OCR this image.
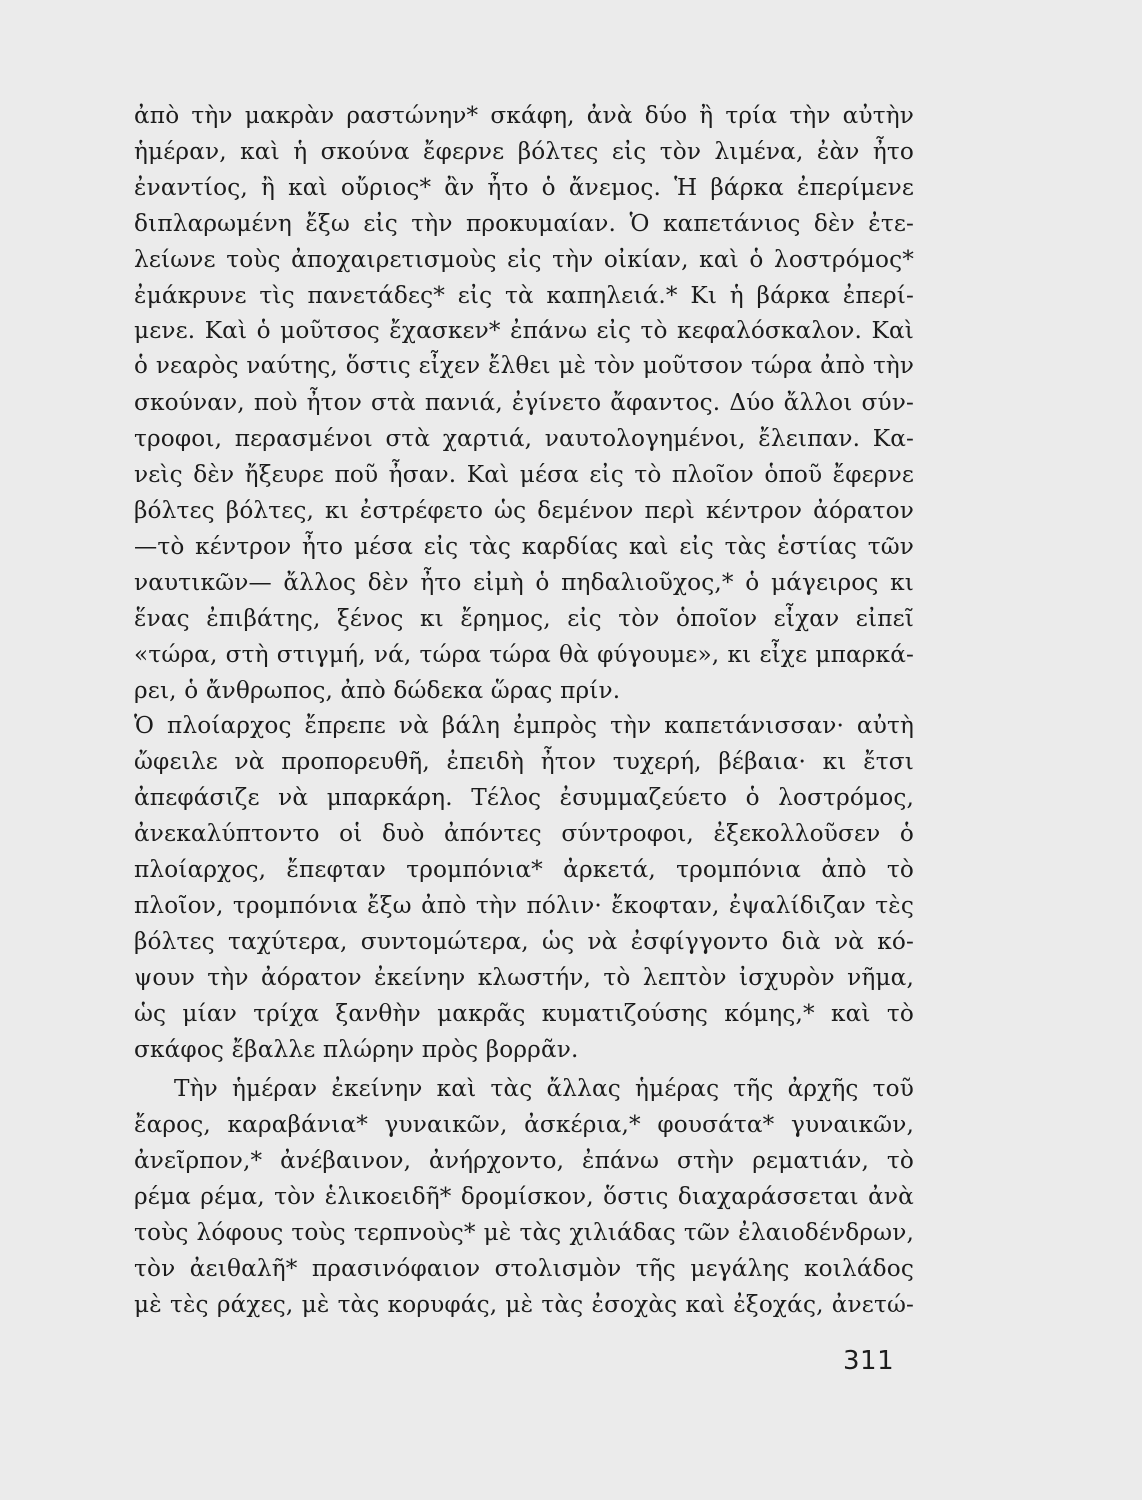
ἀπὸ τὴν μακρὰν ραστώνην* σκάφη, ἀνὰ δύο ἢ τρία τὴν αὐτὴν
ἡμέραν, καὶ ἡ σκούνα ἔφερνε βόλτες εἰς τὸν λιμένα, ἐὰν ἦτο
ἐναντίος, ἢ καὶ οὔριος* ἂν ἦτο ὁ ἄνεμος. Ἡ βάρκα ἐπερίμενε
διπλαρωμένη ἔξω εἰς τὴν προκυμαίαν. Ὁ καπετάνιος δὲν ἐτε-
λείωνε τοὺς ἀποχαιρετισμοὺς εἰς τὴν οἰκίαν, καὶ ὁ λοστρόμος*
ἐμάκρυνε τὶς πανετάδες* εἰς τὰ καπηλειά.* Κι ἡ βάρκα ἐπερί-
μενε. Καὶ ὁ μοῦτσος ἔχασκεν* ἐπάνω εἰς τὸ κεφαλόσκαλον. Καὶ
ὁ νεαρὸς ναύτης, ὅστις εἶχεν ἔλθει μὲ τὸν μοῦτσον τώρα ἀπὸ τὴν
σκούναν, ποὺ ἦτον στὰ πανιά, ἐγίνετο ἄφαντος. Δύο ἄλλοι σύν-
τροφοι, περασμένοι στὰ χαρτιά, ναυτολογημένοι, ἔλειπαν. Κα-
νεὶς δὲν ἤξευρε ποῦ ἦσαν. Καὶ μέσα εἰς τὸ πλοῖον ὁποῦ ἔφερνε
βόλτες βόλτες, κι ἐστρέφετο ὡς δεμένον περὶ κέντρον ἀόρατον
—τὸ κέντρον ἦτο μέσα εἰς τὰς καρδίας καὶ εἰς τὰς ἑστίας τῶν
ναυτικῶν— ἄλλος δὲν ἦτο εἰμὴ ὁ πηδαλιοῦχος,* ὁ μάγειρος κι
ἕνας ἐπιβάτης, ξένος κι ἔρημος, εἰς τὸν ὁποῖον εἶχαν εἰπεῖ
«τώρα, στὴ στιγμή, νά, τώρα τώρα θὰ φύγουμε», κι εἶχε μπαρκά-
ρει, ὁ ἄνθρωπος, ἀπὸ δώδεκα ὥρας πρίν.
Ὁ πλοίαρχος ἔπρεπε νὰ βάλη ἐμπρὸς τὴν καπετάνισσαν· αὐτὴ
ὤφειλε νὰ προπορευθῆ, ἐπειδὴ ἦτον τυχερή, βέβαια· κι ἔτσι
ἀπεφάσιζε νὰ μπαρκάρη. Τέλος ἐσυμμαζεύετο ὁ λοστρόμος,
ἀνεκαλύπτοντο οἱ δυὸ ἀπόντες σύντροφοι, ἐξεκολλοῦσεν ὁ
πλοίαρχος, ἔπεφταν τρομπόνια* ἀρκετά, τρομπόνια ἀπὸ τὸ
πλοῖον, τρομπόνια ἔξω ἀπὸ τὴν πόλιν· ἔκοφταν, ἐψαλίδιζαν τὲς
βόλτες ταχύτερα, συντομώτερα, ὡς νὰ ἐσφίγγοντο διὰ νὰ κό-
ψουν τὴν ἀόρατον ἐκείνην κλωστήν, τὸ λεπτὸν ἰσχυρὸν νῆμα,
ὡς μίαν τρίχα ξανθὴν μακρᾶς κυματιζούσης κόμης,* καὶ τὸ
σκάφος ἔβαλλε πλώρην πρὸς βορρᾶν.
Τὴν ἡμέραν ἐκείνην καὶ τὰς ἄλλας ἡμέρας τῆς ἀρχῆς τοῦ
ἔαρος, καραβάνια* γυναικῶν, ἀσκέρια,* φουσάτα* γυναικῶν,
ἀνεῖρπον,* ἀνέβαινον, ἀνήρχοντο, ἐπάνω στὴν ρεματιάν, τὸ
ρέμα ρέμα, τὸν ἑλικοειδῆ* δρομίσκον, ὅστις διαχαράσσεται ἀνὰ
τοὺς λόφους τοὺς τερπνοὺς* μὲ τὰς χιλιάδας τῶν ἐλαιοδένδρων,
τὸν ἀειθαλῆ* πρασινόφαιον στολισμὸν τῆς μεγάλης κοιλάδος
μὲ τὲς ράχες, μὲ τὰς κορυφάς, μὲ τὰς ἐσοχὰς καὶ ἐξοχάς, ἀνετώ-
311
